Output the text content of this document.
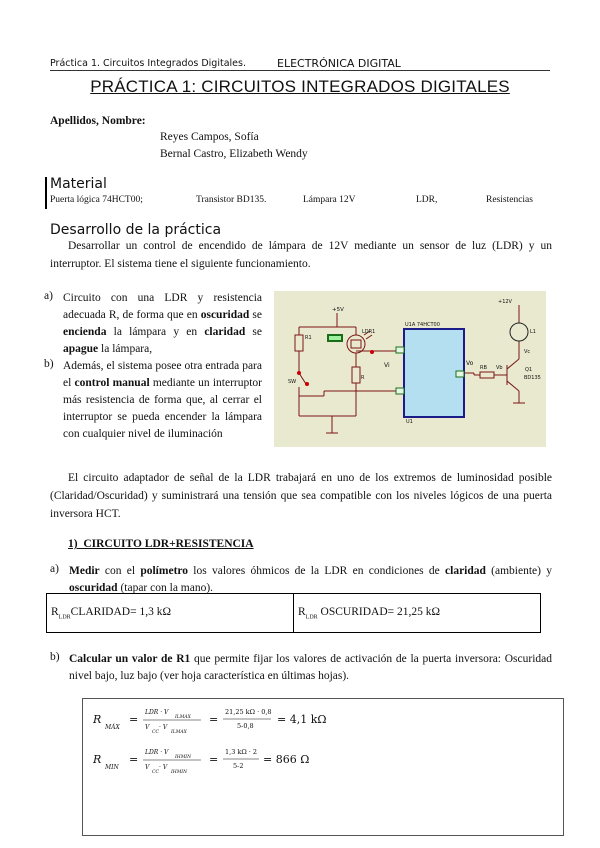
Práctica 1. Circuitos Integrados Digitales.	ELECTRÓNICA DIGITAL
PRÁCTICA 1: CIRCUITOS INTEGRADOS DIGITALES
Apellidos, Nombre:
Reyes Campos, Sofía
Bernal Castro, Elizabeth Wendy
Material
Puerta lógica 74HCT00;	Transistor BD135.	Lámpara 12V	LDR,	Resistencias
Desarrollo de la práctica
Desarrollar un control de encendido de lámpara de 12V mediante un sensor de luz (LDR) y un interruptor. El sistema tiene el siguiente funcionamiento.
a) Circuito con una LDR y resistencia adecuada R, de forma que en oscuridad se encienda la lámpara y en claridad se apague la lámpara,
b) Además, el sistema posee otra entrada para el control manual mediante un interruptor más resistencia de forma que, al cerrar el interruptor se pueda encender la lámpara con cualquier nivel de iluminación
+5V
R1
LDR1
R
SW
U1A 74HCT00
Vi	Vo
RB Vb
+12V
L1
Q1
Vc
BD135
U1
El circuito adaptador de señal de la LDR trabajará en uno de los extremos de luminosidad posible (Claridad/Oscuridad) y suministrará una tensión que sea compatible con los niveles lógicos de una puerta inversora HCT.
1)  CIRCUITO LDR+RESISTENCIA
a) Medir con el polímetro los valores óhmicos de la LDR en condiciones de claridad (ambiente) y oscuridad (tapar con la mano).
$R_{LDR}CLARIDAD= 1,3$ kΩ	$R_{LDR}$ OSCURIDAD= 21,25 kΩ
b) Calcular un valor de R1 que permite fijar los valores de activación de la puerta inversora: Oscuridad nivel bajo, luz bajo (ver hoja característica en últimas hojas).
R
MÁX
=
LDR · V
ILMAX
V
CC
· V
ILMAX
=
21,25 kΩ · 0,8
5-0,8 = 4,1 kΩ
R
MIN
=
LDR · V
IHMIN
V
CC
· V
IHMIN
=
1,3 kΩ · 2
5-2 = 866 Ω
